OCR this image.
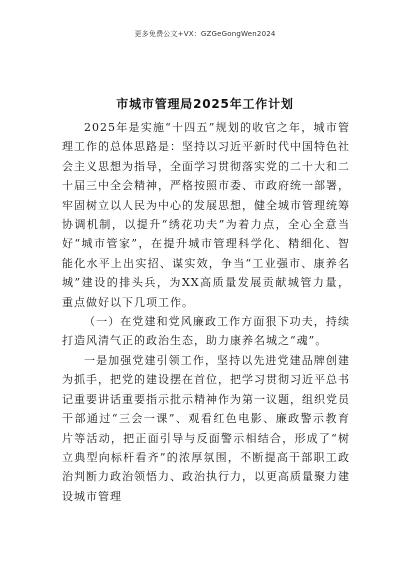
更多免费公文+VX：GZGeGongWen2024
市城市管理局2025年工作计划

2025年是实施“十四五”规划的收官之年，城市管理工作的总体思路是：坚持以习近平新时代中国特色社会主义思想为指导，全面学习贯彻落实党的二十大和二十届三中全会精神，严格按照市委、市政府统一部署，牢固树立以人民为中心的发展思想，健全城市管理统筹协调机制，以提升“绣花功夫”为着力点，全心全意当好“城市管家”，在提升城市管理科学化、精细化、智能化水平上出实招、谋实效，争当“工业强市、康养名城”建设的排头兵，为XX高质量发展贡献城管力量，重点做好以下几项工作。

（一）在党建和党风廉政工作方面狠下功夫，持续打造风清气正的政治生态，助力康养名城之“魂”。

一是加强党建引领工作，坚持以先进党建品牌创建为抓手，把党的建设摆在首位，把学习贯彻习近平总书记重要讲话重要指示批示精神作为第一议题，组织党员干部通过“三会一课”、观看红色电影、廉政警示教育片等活动，把正面引导与反面警示相结合，形成了“树立典型向标杆看齐”的浓厚氛围，不断提高干部职工政治判断力政治领悟力、政治执行力，以更高质量聚力建设城市管理
